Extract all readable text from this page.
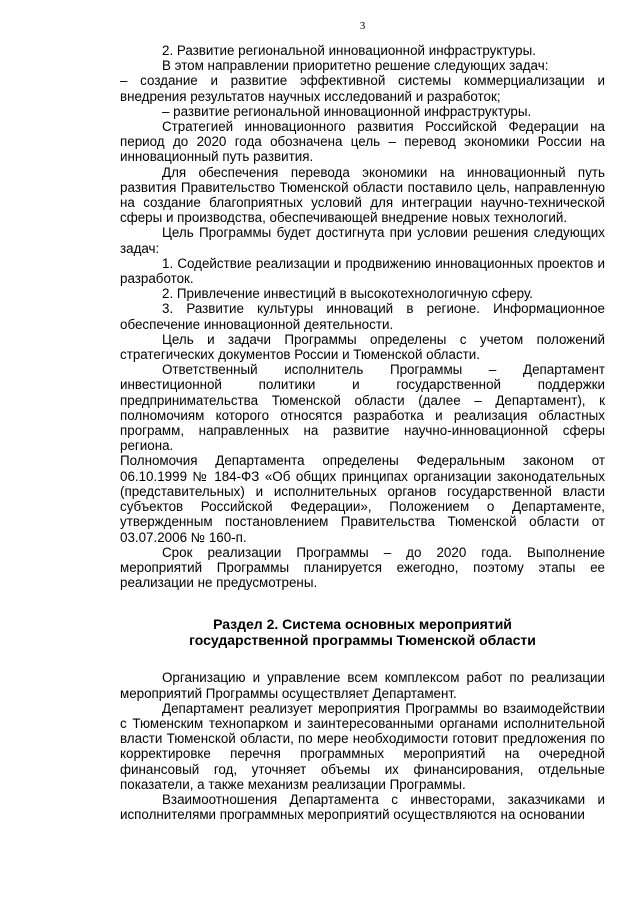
3

2. Развитие региональной инновационной инфраструктуры.

В этом направлении приоритетно решение следующих задач:

– создание и развитие эффективной системы коммерциализации и внедрения результатов научных исследований и разработок;

– развитие региональной инновационной инфраструктуры.

Стратегией инновационного развития Российской Федерации на период до 2020 года обозначена цель – перевод экономики России на инновационный путь развития.

Для обеспечения перевода экономики на инновационный путь развития Правительство Тюменской области поставило цель, направленную на создание благоприятных условий для интеграции научно-технической сферы и производства, обеспечивающей внедрение новых технологий.

Цель Программы будет достигнута при условии решения следующих задач:

1. Содействие реализации и продвижению инновационных проектов и разработок.

2. Привлечение инвестиций в высокотехнологичную сферу.

3. Развитие культуры инноваций в регионе. Информационное обеспечение инновационной деятельности.

Цель и задачи Программы определены с учетом положений стратегических документов России и Тюменской области.

Ответственный исполнитель Программы – Департамент инвестиционной политики и государственной поддержки предпринимательства Тюменской области (далее – Департамент), к полномочиям которого относятся разработка и реализация областных программ, направленных на развитие научно-инновационной сферы региона.

Полномочия Департамента определены Федеральным законом от 06.10.1999 № 184-ФЗ «Об общих принципах организации законодательных (представительных) и исполнительных органов государственной власти субъектов Российской Федерации», Положением о Департаменте, утвержденным постановлением Правительства Тюменской области от 03.07.2006 № 160-п.

Срок реализации Программы – до 2020 года. Выполнение мероприятий Программы планируется ежегодно, поэтому этапы ее реализации не предусмотрены.

Раздел 2. Система основных мероприятий
государственной программы Тюменской области

Организацию и управление всем комплексом работ по реализации мероприятий Программы осуществляет Департамент.

Департамент реализует мероприятия Программы во взаимодействии с Тюменским технопарком и заинтересованными органами исполнительной власти Тюменской области, по мере необходимости готовит предложения по корректировке перечня программных мероприятий на очередной финансовый год, уточняет объемы их финансирования, отдельные показатели, а также механизм реализации Программы.

Взаимоотношения Департамента с инвесторами, заказчиками и исполнителями программных мероприятий осуществляются на основании
